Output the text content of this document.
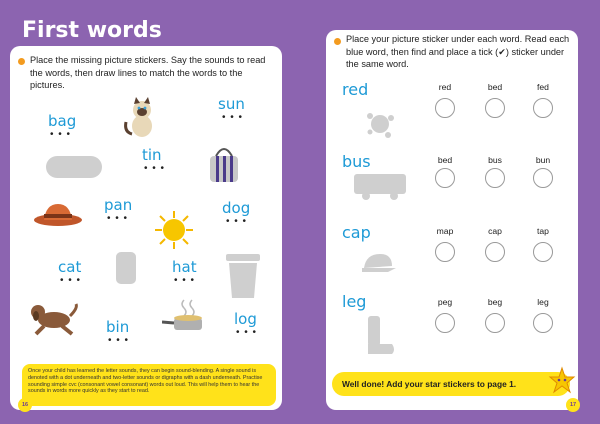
First words
Place the missing picture stickers. Say the sounds to read the words, then draw lines to match the words to the pictures.
bag
• • •
sun
• • •
tin
• • •
pan
• • •
dog
• • •
cat
• • •
hat
• • •
bin
• • •
log
• • •
Once your child has learned the letter sounds, they can begin sound-blending. A single sound is denoted with a dot underneath and two-letter sounds or digraphs with a dash underneath. Practise sounding simple cvc (consonant vowel consonant) words out loud. This will help them to hear the sounds in words more quickly as they start to read.
16
Place your picture sticker under each word. Read each blue word, then find and place a tick (✔) sticker under the same word.
red	red	bed	fed
bus	bed	bus	bun
cap	map	cap	tap
leg	peg	beg	leg
Well done! Add your star stickers to page 1.
17
